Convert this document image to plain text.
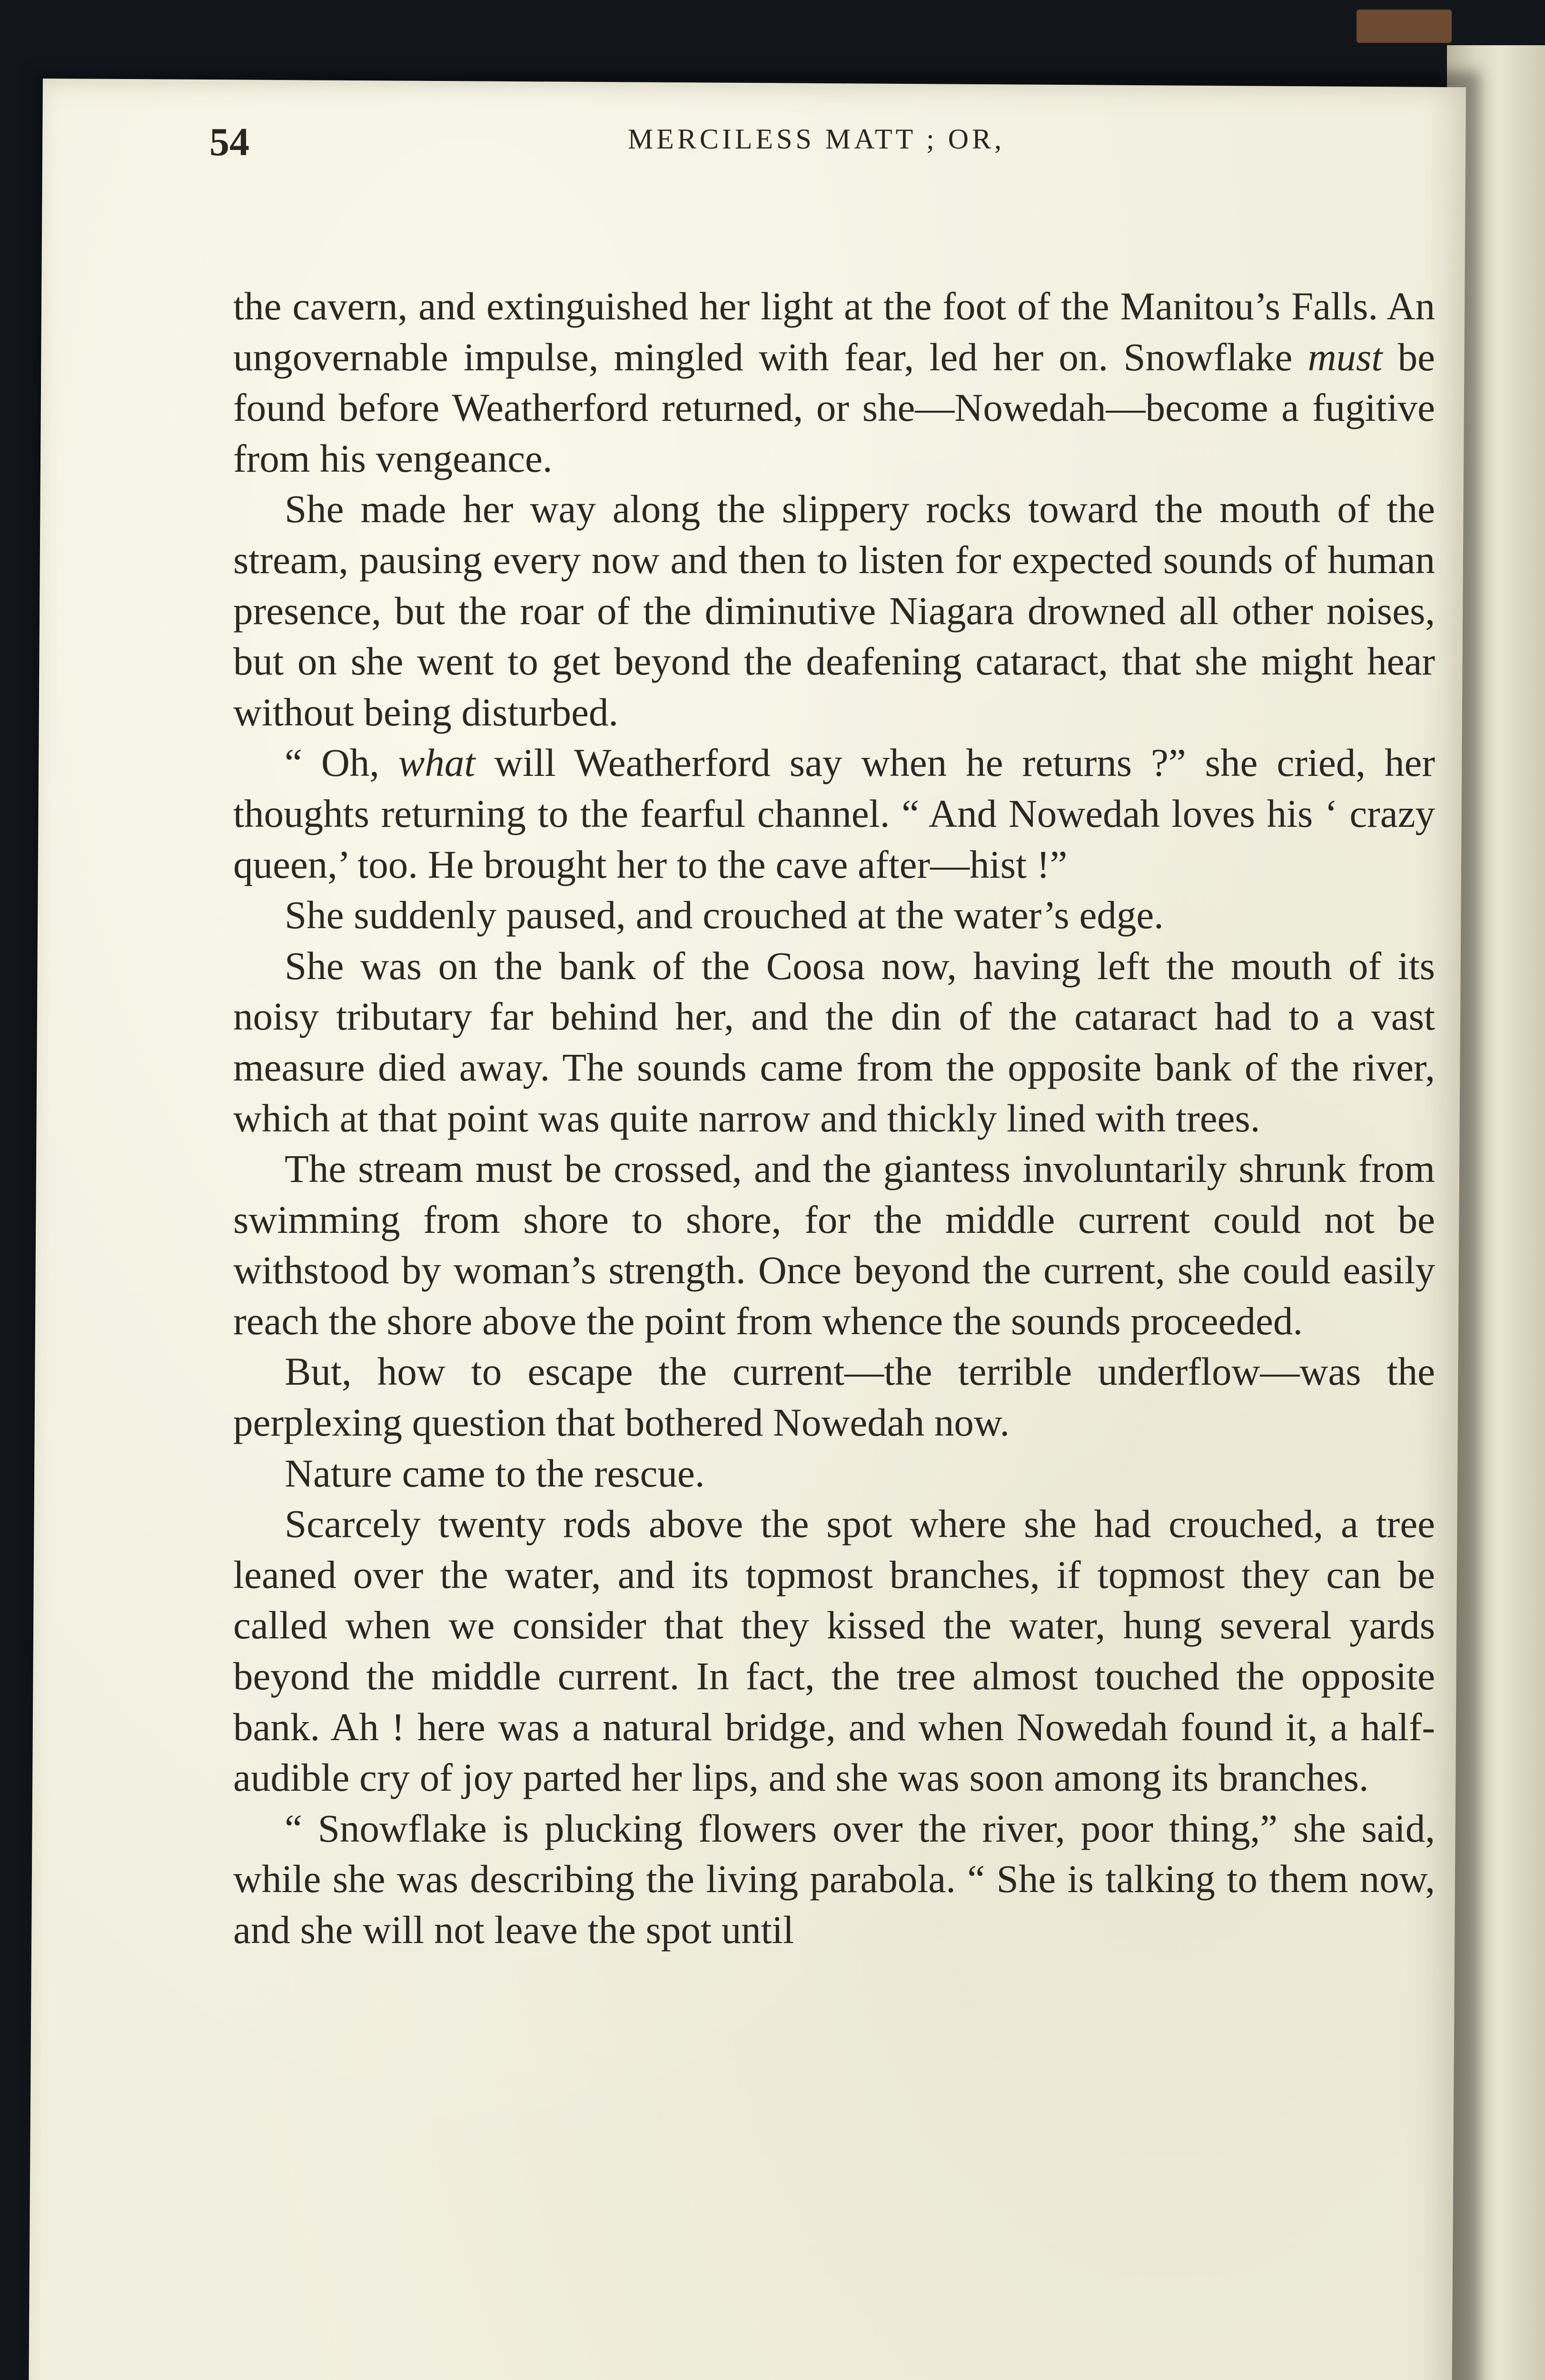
54	MERCILESS MATT ; OR,

the cavern, and extinguished her light at the foot of the Manitou’s Falls. An ungovernable impulse, mingled with fear, led her on. Snowflake must be found before Weatherford returned, or she—Nowedah—become a fugitive from his vengeance.

She made her way along the slippery rocks toward the mouth of the stream, pausing every now and then to listen for expected sounds of human presence, but the roar of the diminutive Niagara drowned all other noises, but on she went to get beyond the deafening cataract, that she might hear without being disturbed.

“ Oh, what will Weatherford say when he returns ?” she cried, her thoughts returning to the fearful channel. “ And Nowedah loves his ‘ crazy queen,’ too. He brought her to the cave after—hist !”

She suddenly paused, and crouched at the water’s edge.

She was on the bank of the Coosa now, having left the mouth of its noisy tributary far behind her, and the din of the cataract had to a vast measure died away. The sounds came from the opposite bank of the river, which at that point was quite narrow and thickly lined with trees.

The stream must be crossed, and the giantess involuntarily shrunk from swimming from shore to shore, for the middle current could not be withstood by woman’s strength. Once beyond the current, she could easily reach the shore above the point from whence the sounds proceeded.

But, how to escape the current—the terrible underflow—was the perplexing question that bothered Nowedah now.

Nature came to the rescue.

Scarcely twenty rods above the spot where she had crouched, a tree leaned over the water, and its topmost branches, if topmost they can be called when we consider that they kissed the water, hung several yards beyond the middle current. In fact, the tree almost touched the opposite bank. Ah ! here was a natural bridge, and when Nowedah found it, a half-audible cry of joy parted her lips, and she was soon among its branches.

“ Snowflake is plucking flowers over the river, poor thing,” she said, while she was describing the living parabola. “ She is talking to them now, and she will not leave the spot until
